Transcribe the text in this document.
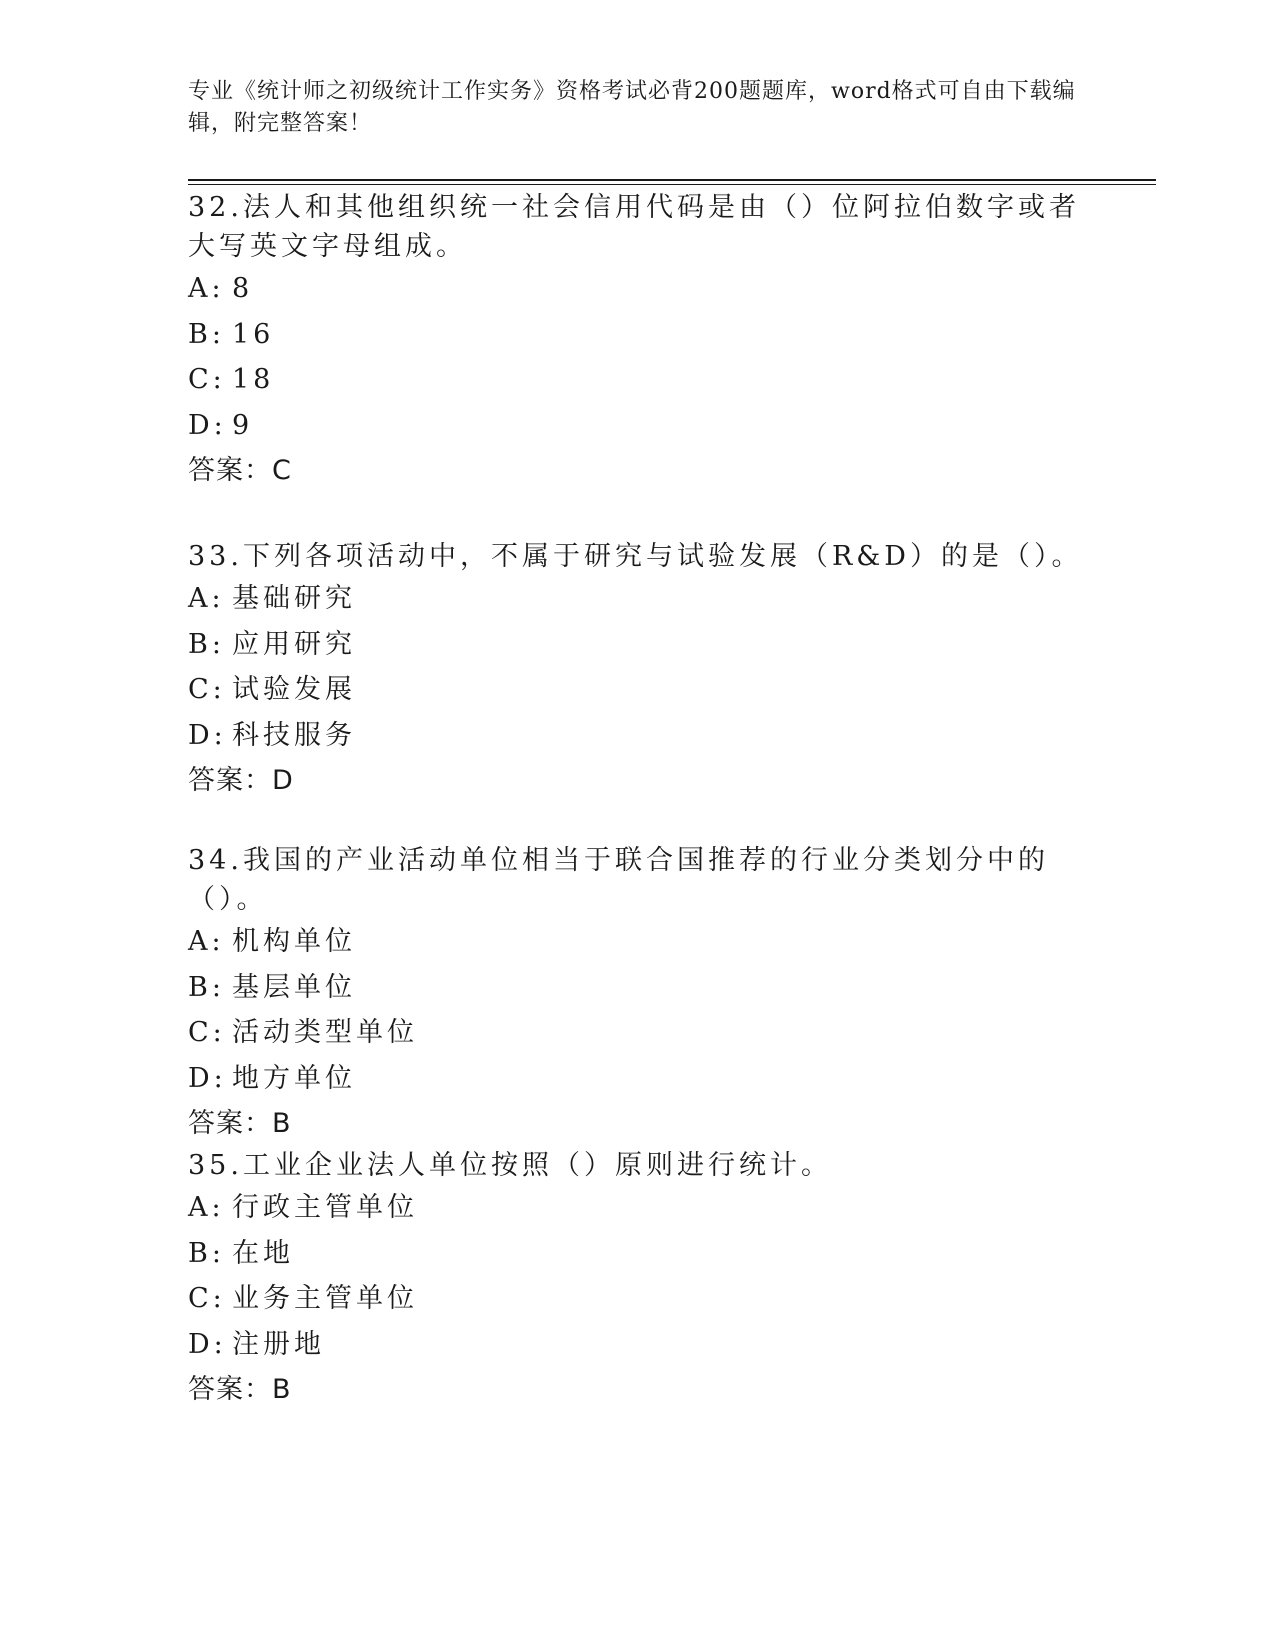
专业《统计师之初级统计工作实务》资格考试必背200题题库，word格式可自由下载编辑，附完整答案！

32.法人和其他组织统一社会信用代码是由（）位阿拉伯数字或者大写英文字母组成。

A: 8
B: 16
C: 18
D: 9
答案：C

33.下列各项活动中，不属于研究与试验发展（R&D）的是（）。

A: 基础研究
B: 应用研究
C: 试验发展
D: 科技服务
答案：D

34.我国的产业活动单位相当于联合国推荐的行业分类划分中的（）。

A: 机构单位
B: 基层单位
C: 活动类型单位
D: 地方单位
答案：B

35.工业企业法人单位按照（）原则进行统计。

A: 行政主管单位
B: 在地
C: 业务主管单位
D: 注册地
答案：B
